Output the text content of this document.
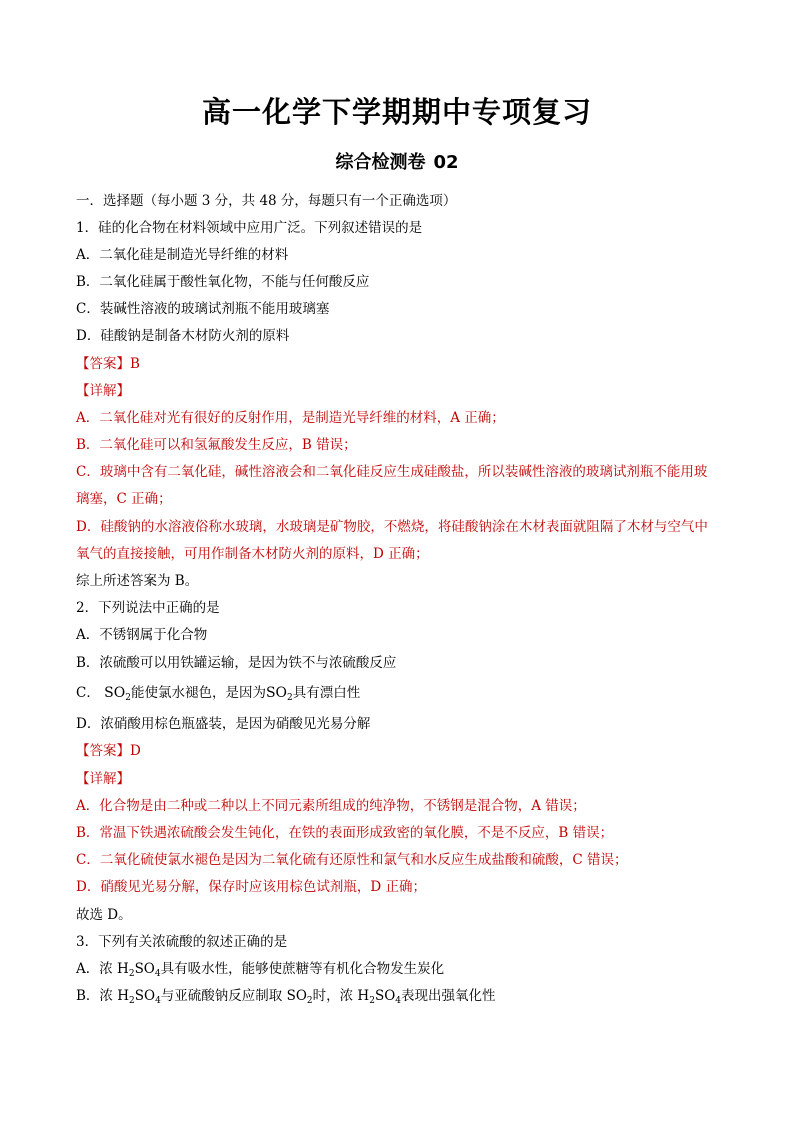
高一化学下学期期中专项复习
综合检测卷 02
一．选择题（每小题 3 分，共 48 分，每题只有一个正确选项）
1．硅的化合物在材料领域中应用广泛。下列叙述错误的是
A．二氧化硅是制造光导纤维的材料
B．二氧化硅属于酸性氧化物，不能与任何酸反应
C．装碱性溶液的玻璃试剂瓶不能用玻璃塞
D．硅酸钠是制备木材防火剂的原料
【答案】B
【详解】
A．二氧化硅对光有很好的反射作用，是制造光导纤维的材料，A 正确；
B．二氧化硅可以和氢氟酸发生反应，B 错误；
C．玻璃中含有二氧化硅，碱性溶液会和二氧化硅反应生成硅酸盐，所以装碱性溶液的玻璃试剂瓶不能用玻
璃塞，C 正确；
D．硅酸钠的水溶液俗称水玻璃，水玻璃是矿物胶，不燃烧，将硅酸钠涂在木材表面就阻隔了木材与空气中
氧气的直接接触，可用作制备木材防火剂的原料，D 正确；
综上所述答案为 B。
2．下列说法中正确的是
A．不锈钢属于化合物
B．浓硫酸可以用铁罐运输，是因为铁不与浓硫酸反应
C． $SO_2$能使氯水褪色，是因为$SO_2$具有漂白性
D．浓硝酸用棕色瓶盛装，是因为硝酸见光易分解
【答案】D
【详解】
A．化合物是由二种或二种以上不同元素所组成的纯净物，不锈钢是混合物，A 错误；
B．常温下铁遇浓硫酸会发生钝化，在铁的表面形成致密的氧化膜，不是不反应，B 错误；
C．二氧化硫使氯水褪色是因为二氧化硫有还原性和氯气和水反应生成盐酸和硫酸，C 错误；
D．硝酸见光易分解，保存时应该用棕色试剂瓶，D 正确；
故选 D。
3．下列有关浓硫酸的叙述正确的是
A．浓 $H_2SO_4$具有吸水性，能够使蔗糖等有机化合物发生炭化
B．浓 $H_2SO_4$与亚硫酸钠反应制取 $SO_2$时，浓 $H_2SO_4$表现出强氧化性
